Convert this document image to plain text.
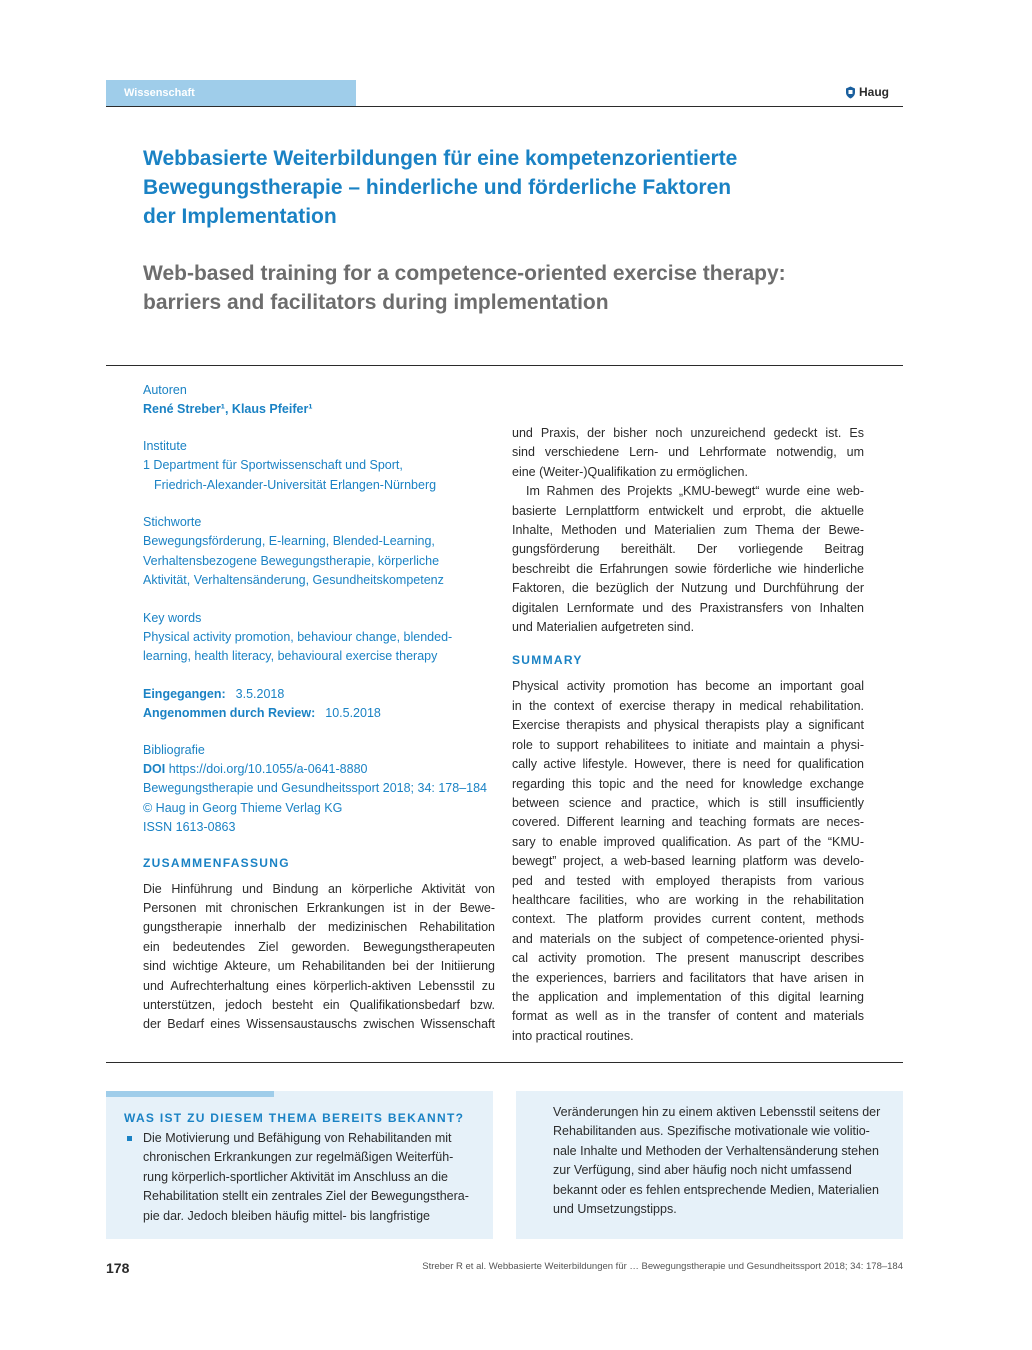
Wissenschaft	Haug
Webbasierte Weiterbildungen für eine kompetenzorientierte
Bewegungstherapie – hinderliche und förderliche Faktoren
der Implementation
Web-based training for a competence-oriented exercise therapy:
barriers and facilitators during implementation
Autoren
René Streber¹, Klaus Pfeifer¹
Institute
1 Department für Sportwissenschaft und Sport,
Friedrich-Alexander-Universität Erlangen-Nürnberg
Stichworte
Bewegungsförderung, E-learning, Blended-Learning,
Verhaltensbezogene Bewegungstherapie, körperliche
Aktivität, Verhaltensänderung, Gesundheitskompetenz
Key words
Physical activity promotion, behaviour change, blended-
learning, health literacy, behavioural exercise therapy
Eingegangen: 3.5.2018
Angenommen durch Review: 10.5.2018
Bibliografie
DOI https://doi.org/10.1055/a-0641-8880
Bewegungstherapie und Gesundheitssport 2018; 34: 178–184
© Haug in Georg Thieme Verlag KG
ISSN 1613-0863
ZUSAMMENFASSUNG
Die Hinführung und Bindung an körperliche Aktivität von
Personen mit chronischen Erkrankungen ist in der Bewe-
gungstherapie innerhalb der medizinischen Rehabilitation
ein bedeutendes Ziel geworden. Bewegungstherapeuten
sind wichtige Akteure, um Rehabilitanden bei der Initiierung
und Aufrechterhaltung eines körperlich-aktiven Lebensstil zu
unterstützen, jedoch besteht ein Qualifikationsbedarf bzw.
der Bedarf eines Wissensaustauschs zwischen Wissenschaft
und Praxis, der bisher noch unzureichend gedeckt ist. Es
sind verschiedene Lern- und Lehrformate notwendig, um
eine (Weiter-)Qualifikation zu ermöglichen.
Im Rahmen des Projekts „KMU-bewegt“ wurde eine web-
basierte Lernplattform entwickelt und erprobt, die aktuelle
Inhalte, Methoden und Materialien zum Thema der Bewe-
gungsförderung bereithält. Der vorliegende Beitrag
beschreibt die Erfahrungen sowie förderliche wie hinderliche
Faktoren, die bezüglich der Nutzung und Durchführung der
digitalen Lernformate und des Praxistransfers von Inhalten
und Materialien aufgetreten sind.
SUMMARY
Physical activity promotion has become an important goal
in the context of exercise therapy in medical rehabilitation.
Exercise therapists and physical therapists play a significant
role to support rehabilitees to initiate and maintain a physi-
cally active lifestyle. However, there is need for qualification
regarding this topic and the need for knowledge exchange
between science and practice, which is still insufficiently
covered. Different learning and teaching formats are neces-
sary to enable improved qualification. As part of the “KMU-
bewegt” project, a web-based learning platform was develo-
ped and tested with employed therapists from various
healthcare facilities, who are working in the rehabilitation
context. The platform provides current content, methods
and materials on the subject of competence-oriented physi-
cal activity promotion. The present manuscript describes
the experiences, barriers and facilitators that have arisen in
the application and implementation of this digital learning
format as well as in the transfer of content and materials
into practical routines.
WAS IST ZU DIESEM THEMA BEREITS BEKANNT?
Die Motivierung und Befähigung von Rehabilitanden mit
chronischen Erkrankungen zur regelmäßigen Weiterfüh-
rung körperlich-sportlicher Aktivität im Anschluss an die
Rehabilitation stellt ein zentrales Ziel der Bewegungsthera-
pie dar. Jedoch bleiben häufig mittel- bis langfristige
Veränderungen hin zu einem aktiven Lebensstil seitens der
Rehabilitanden aus. Spezifische motivationale wie volitio-
nale Inhalte und Methoden der Verhaltensänderung stehen
zur Verfügung, sind aber häufig noch nicht umfassend
bekannt oder es fehlen entsprechende Medien, Materialien
und Umsetzungstipps.
178	Streber R et al. Webbasierte Weiterbildungen für … Bewegungstherapie und Gesundheitssport 2018; 34: 178–184
